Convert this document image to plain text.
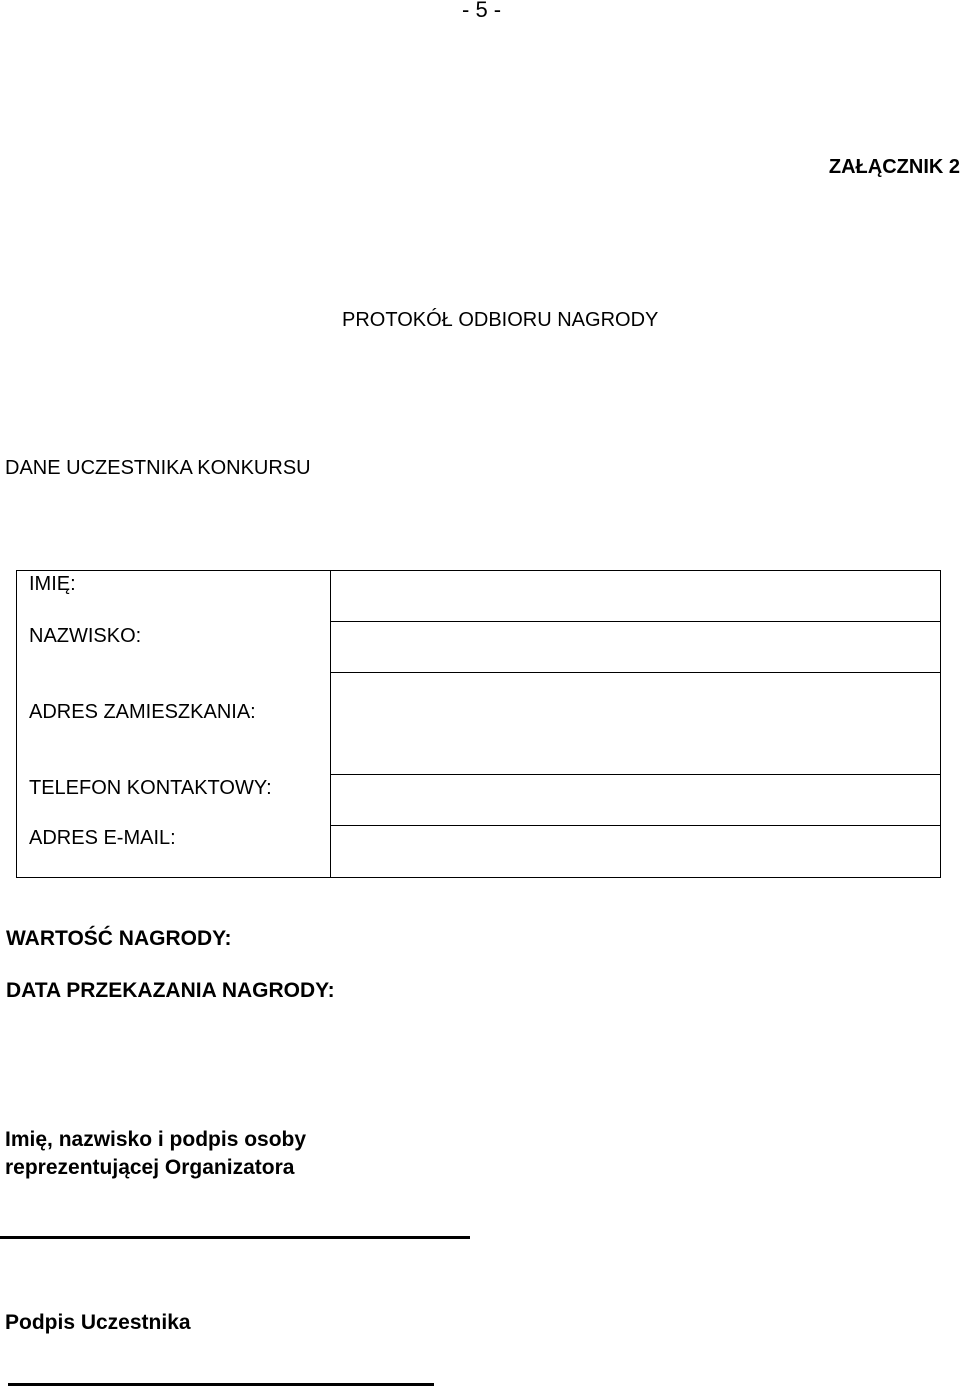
- 5 -
ZAŁĄCZNIK 2
PROTOKÓŁ ODBIORU NAGRODY
DANE UCZESTNIKA KONKURSU
IMIĘ:	

NAZWISKO:	

ADRES ZAMIESZKANIA:	

TELEFON KONTAKTOWY:	

ADRES E-MAIL:	

WARTOŚĆ NAGRODY:
DATA PRZEKAZANIA NAGRODY:
Imię, nazwisko i podpis osoby
reprezentującej Organizatora
Podpis Uczestnika
